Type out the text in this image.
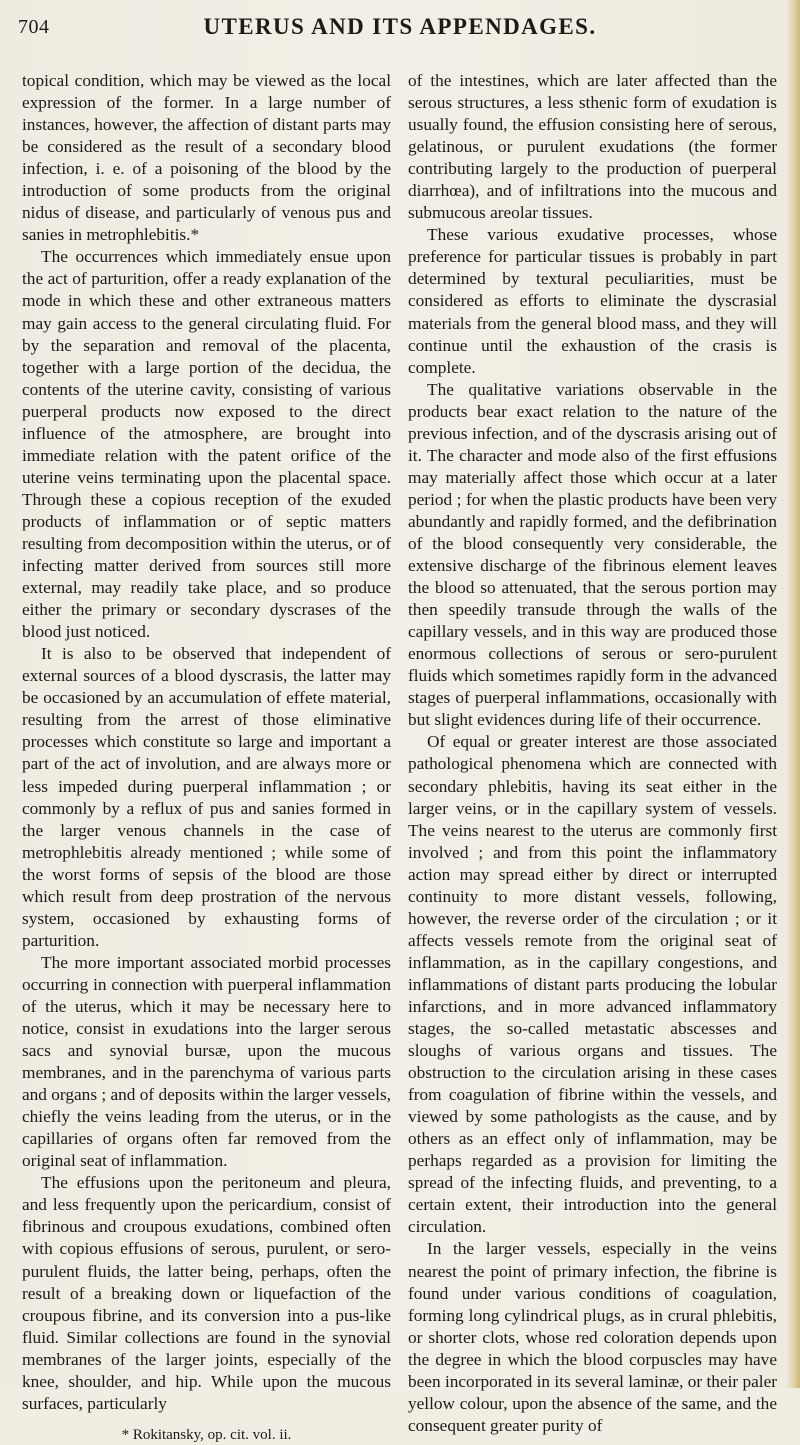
704	UTERUS AND ITS APPENDAGES.

topical condition, which may be viewed as the local expression of the former. In a large number of instances, however, the affection of distant parts may be considered as the result of a secondary blood infection, i. e. of a poisoning of the blood by the introduction of some products from the original nidus of disease, and particularly of venous pus and sanies in metrophlebitis.*

The occurrences which immediately ensue upon the act of parturition, offer a ready explanation of the mode in which these and other extraneous matters may gain access to the general circulating fluid. For by the separation and removal of the placenta, together with a large portion of the decidua, the contents of the uterine cavity, consisting of various puerperal products now exposed to the direct influence of the atmosphere, are brought into immediate relation with the patent orifice of the uterine veins terminating upon the placental space. Through these a copious reception of the exuded products of inflammation or of septic matters resulting from decomposition within the uterus, or of infecting matter derived from sources still more external, may readily take place, and so produce either the primary or secondary dyscrases of the blood just noticed.

It is also to be observed that independent of external sources of a blood dyscrasis, the latter may be occasioned by an accumulation of effete material, resulting from the arrest of those eliminative processes which constitute so large and important a part of the act of involution, and are always more or less impeded during puerperal inflammation ; or commonly by a reflux of pus and sanies formed in the larger venous channels in the case of metrophlebitis already mentioned ; while some of the worst forms of sepsis of the blood are those which result from deep prostration of the nervous system, occasioned by exhausting forms of parturition.

The more important associated morbid processes occurring in connection with puerperal inflammation of the uterus, which it may be necessary here to notice, consist in exudations into the larger serous sacs and synovial bursæ, upon the mucous membranes, and in the parenchyma of various parts and organs ; and of deposits within the larger vessels, chiefly the veins leading from the uterus, or in the capillaries of organs often far removed from the original seat of inflammation.

The effusions upon the peritoneum and pleura, and less frequently upon the pericardium, consist of fibrinous and croupous exudations, combined often with copious effusions of serous, purulent, or sero-purulent fluids, the latter being, perhaps, often the result of a breaking down or liquefaction of the croupous fibrine, and its conversion into a pus-like fluid. Similar collections are found in the synovial membranes of the larger joints, especially of the knee, shoulder, and hip. While upon the mucous surfaces, particularly

* Rokitansky, op. cit. vol. ii.

of the intestines, which are later affected than the serous structures, a less sthenic form of exudation is usually found, the effusion consisting here of serous, gelatinous, or purulent exudations (the former contributing largely to the production of puerperal diarrhœa), and of infiltrations into the mucous and submucous areolar tissues.

These various exudative processes, whose preference for particular tissues is probably in part determined by textural peculiarities, must be considered as efforts to eliminate the dyscrasial materials from the general blood mass, and they will continue until the exhaustion of the crasis is complete.

The qualitative variations observable in the products bear exact relation to the nature of the previous infection, and of the dyscrasis arising out of it. The character and mode also of the first effusions may materially affect those which occur at a later period ; for when the plastic products have been very abundantly and rapidly formed, and the defibrination of the blood consequently very considerable, the extensive discharge of the fibrinous element leaves the blood so attenuated, that the serous portion may then speedily transude through the walls of the capillary vessels, and in this way are produced those enormous collections of serous or sero-purulent fluids which sometimes rapidly form in the advanced stages of puerperal inflammations, occasionally with but slight evidences during life of their occurrence.

Of equal or greater interest are those associated pathological phenomena which are connected with secondary phlebitis, having its seat either in the larger veins, or in the capillary system of vessels. The veins nearest to the uterus are commonly first involved ; and from this point the inflammatory action may spread either by direct or interrupted continuity to more distant vessels, following, however, the reverse order of the circulation ; or it affects vessels remote from the original seat of inflammation, as in the capillary congestions, and inflammations of distant parts producing the lobular infarctions, and in more advanced inflammatory stages, the so-called metastatic abscesses and sloughs of various organs and tissues. The obstruction to the circulation arising in these cases from coagulation of fibrine within the vessels, and viewed by some pathologists as the cause, and by others as an effect only of inflammation, may be perhaps regarded as a provision for limiting the spread of the infecting fluids, and preventing, to a certain extent, their introduction into the general circulation.

In the larger vessels, especially in the veins nearest the point of primary infection, the fibrine is found under various conditions of coagulation, forming long cylindrical plugs, as in crural phlebitis, or shorter clots, whose red coloration depends upon the degree in which the blood corpuscles may have been incorporated in its several laminæ, or their paler yellow colour, upon the absence of the same, and the consequent greater purity of
